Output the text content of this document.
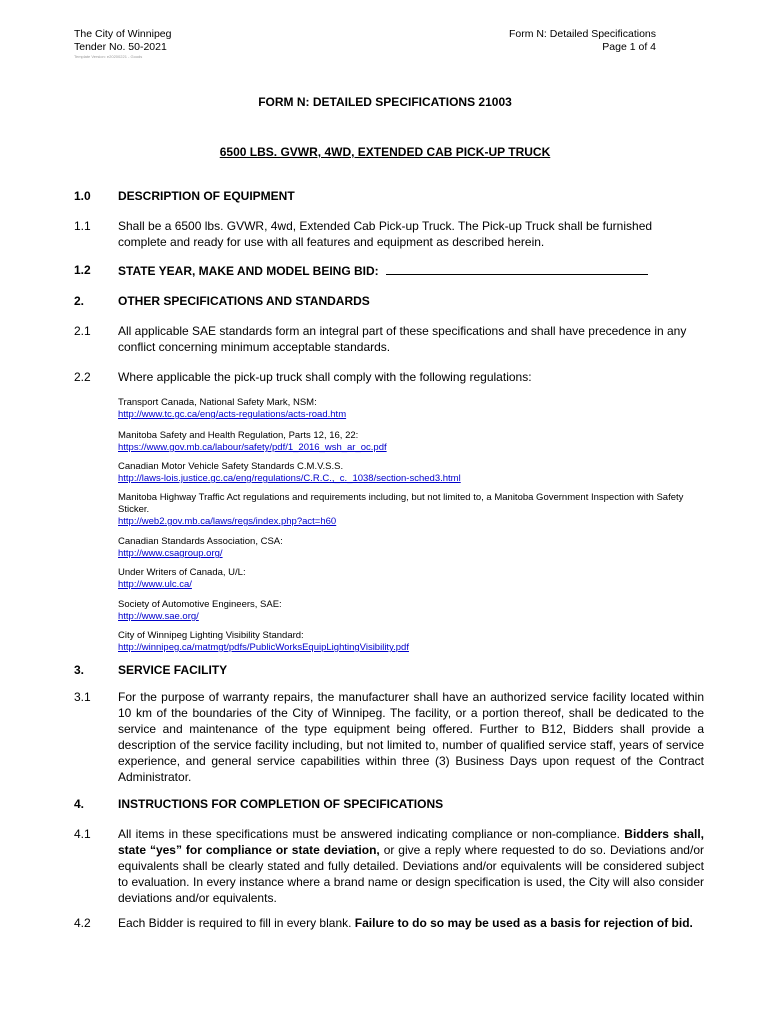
The City of Winnipeg
Tender No. 50-2021
Template Version: e20200221 - Goods
Form N: Detailed Specifications
Page 1 of 4
FORM N: DETAILED SPECIFICATIONS 21003
6500 LBS. GVWR, 4WD, EXTENDED CAB PICK-UP TRUCK
1.0	DESCRIPTION OF EQUIPMENT
1.1	Shall be a 6500 lbs. GVWR, 4wd, Extended Cab Pick-up Truck. The Pick-up Truck shall be furnished complete and ready for use with all features and equipment as described herein.
1.2	STATE YEAR, MAKE AND MODEL BEING BID:
2.	OTHER SPECIFICATIONS AND STANDARDS
2.1	All applicable SAE standards form an integral part of these specifications and shall have precedence in any conflict concerning minimum acceptable standards.
2.2	Where applicable the pick-up truck shall comply with the following regulations:
Transport Canada, National Safety Mark, NSM:
http://www.tc.gc.ca/eng/acts-regulations/acts-road.htm
Manitoba Safety and Health Regulation, Parts 12, 16, 22:
https://www.gov.mb.ca/labour/safety/pdf/1_2016_wsh_ar_oc.pdf
Canadian Motor Vehicle Safety Standards C.M.V.S.S.
http://laws-lois.justice.gc.ca/eng/regulations/C.R.C.,_c._1038/section-sched3.html
Manitoba Highway Traffic Act regulations and requirements including, but not limited to, a Manitoba Government Inspection with Safety Sticker.
http://web2.gov.mb.ca/laws/regs/index.php?act=h60
Canadian Standards Association, CSA:
http://www.csagroup.org/
Under Writers of Canada, U/L:
http://www.ulc.ca/
Society of Automotive Engineers, SAE:
http://www.sae.org/
City of Winnipeg Lighting Visibility Standard:
http://winnipeg.ca/matmgt/pdfs/PublicWorksEquipLightingVisibility.pdf
3.	SERVICE FACILITY
3.1	For the purpose of warranty repairs, the manufacturer shall have an authorized service facility located within 10 km of the boundaries of the City of Winnipeg. The facility, or a portion thereof, shall be dedicated to the service and maintenance of the type equipment being offered. Further to B12, Bidders shall provide a description of the service facility including, but not limited to, number of qualified service staff, years of service experience, and general service capabilities within three (3) Business Days upon request of the Contract Administrator.
4.	INSTRUCTIONS FOR COMPLETION OF SPECIFICATIONS
4.1	All items in these specifications must be answered indicating compliance or non-compliance. Bidders shall, state “yes” for compliance or state deviation, or give a reply where requested to do so. Deviations and/or equivalents shall be clearly stated and fully detailed. Deviations and/or equivalents will be considered subject to evaluation. In every instance where a brand name or design specification is used, the City will also consider deviations and/or equivalents.
4.2	Each Bidder is required to fill in every blank. Failure to do so may be used as a basis for rejection of bid.
